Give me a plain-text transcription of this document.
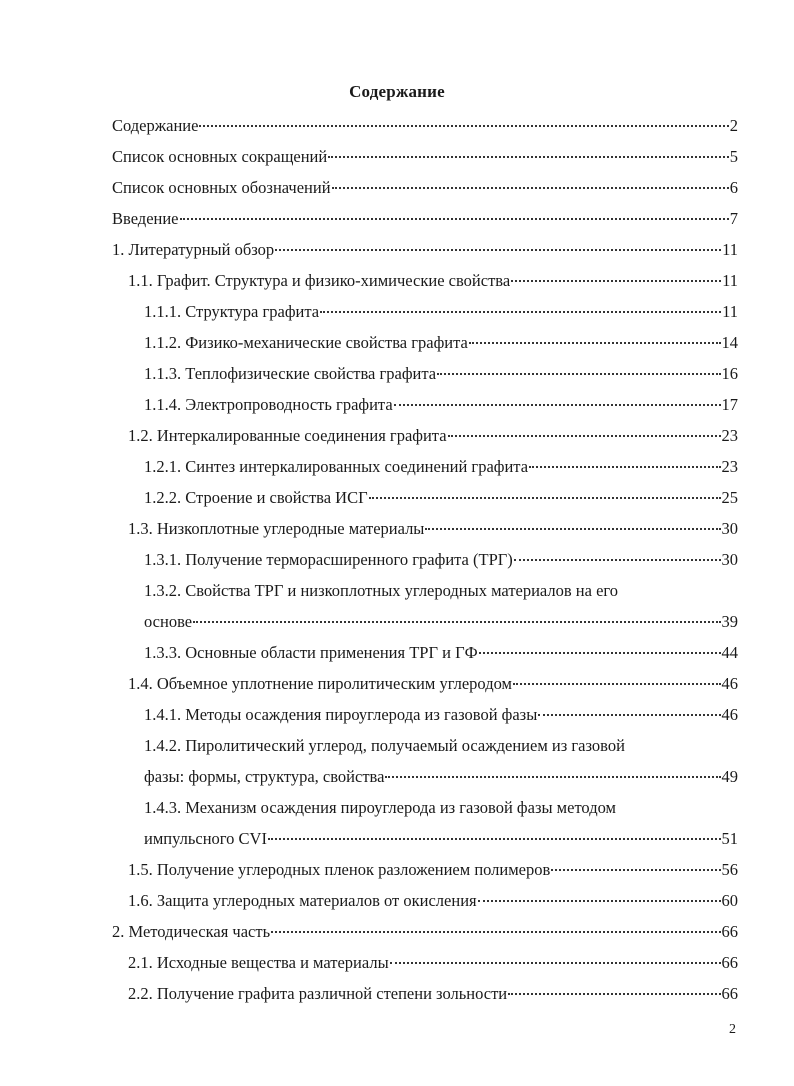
Содержание
Содержание	2
Список основных сокращений	5
Список основных обозначений	6
Введение	7
1. Литературный обзор	11
1.1. Графит. Структура и физико-химические свойства	11
1.1.1. Структура графита	11
1.1.2. Физико-механические свойства графита	14
1.1.3. Теплофизические свойства графита	16
1.1.4. Электропроводность графита	17
1.2. Интеркалированные соединения графита	23
1.2.1. Синтез интеркалированных соединений графита	23
1.2.2. Строение и свойства ИСГ	25
1.3. Низкоплотные углеродные материалы	30
1.3.1. Получение терморасширенного графита (ТРГ)	30
1.3.2. Свойства ТРГ и низкоплотных углеродных материалов на его
основе	39
1.3.3. Основные области применения ТРГ и ГФ	44
1.4. Объемное уплотнение пиролитическим углеродом	46
1.4.1. Методы осаждения пироуглерода из газовой фазы	46
1.4.2. Пиролитический углерод, получаемый осаждением из газовой
фазы: формы, структура, свойства	49
1.4.3. Механизм осаждения пироуглерода из газовой фазы методом
импульсного CVI	51
1.5. Получение углеродных пленок разложением полимеров	56
1.6. Защита углеродных материалов от окисления	60
2. Методическая часть	66
2.1. Исходные вещества и материалы	66
2.2. Получение графита различной степени зольности	66
2
